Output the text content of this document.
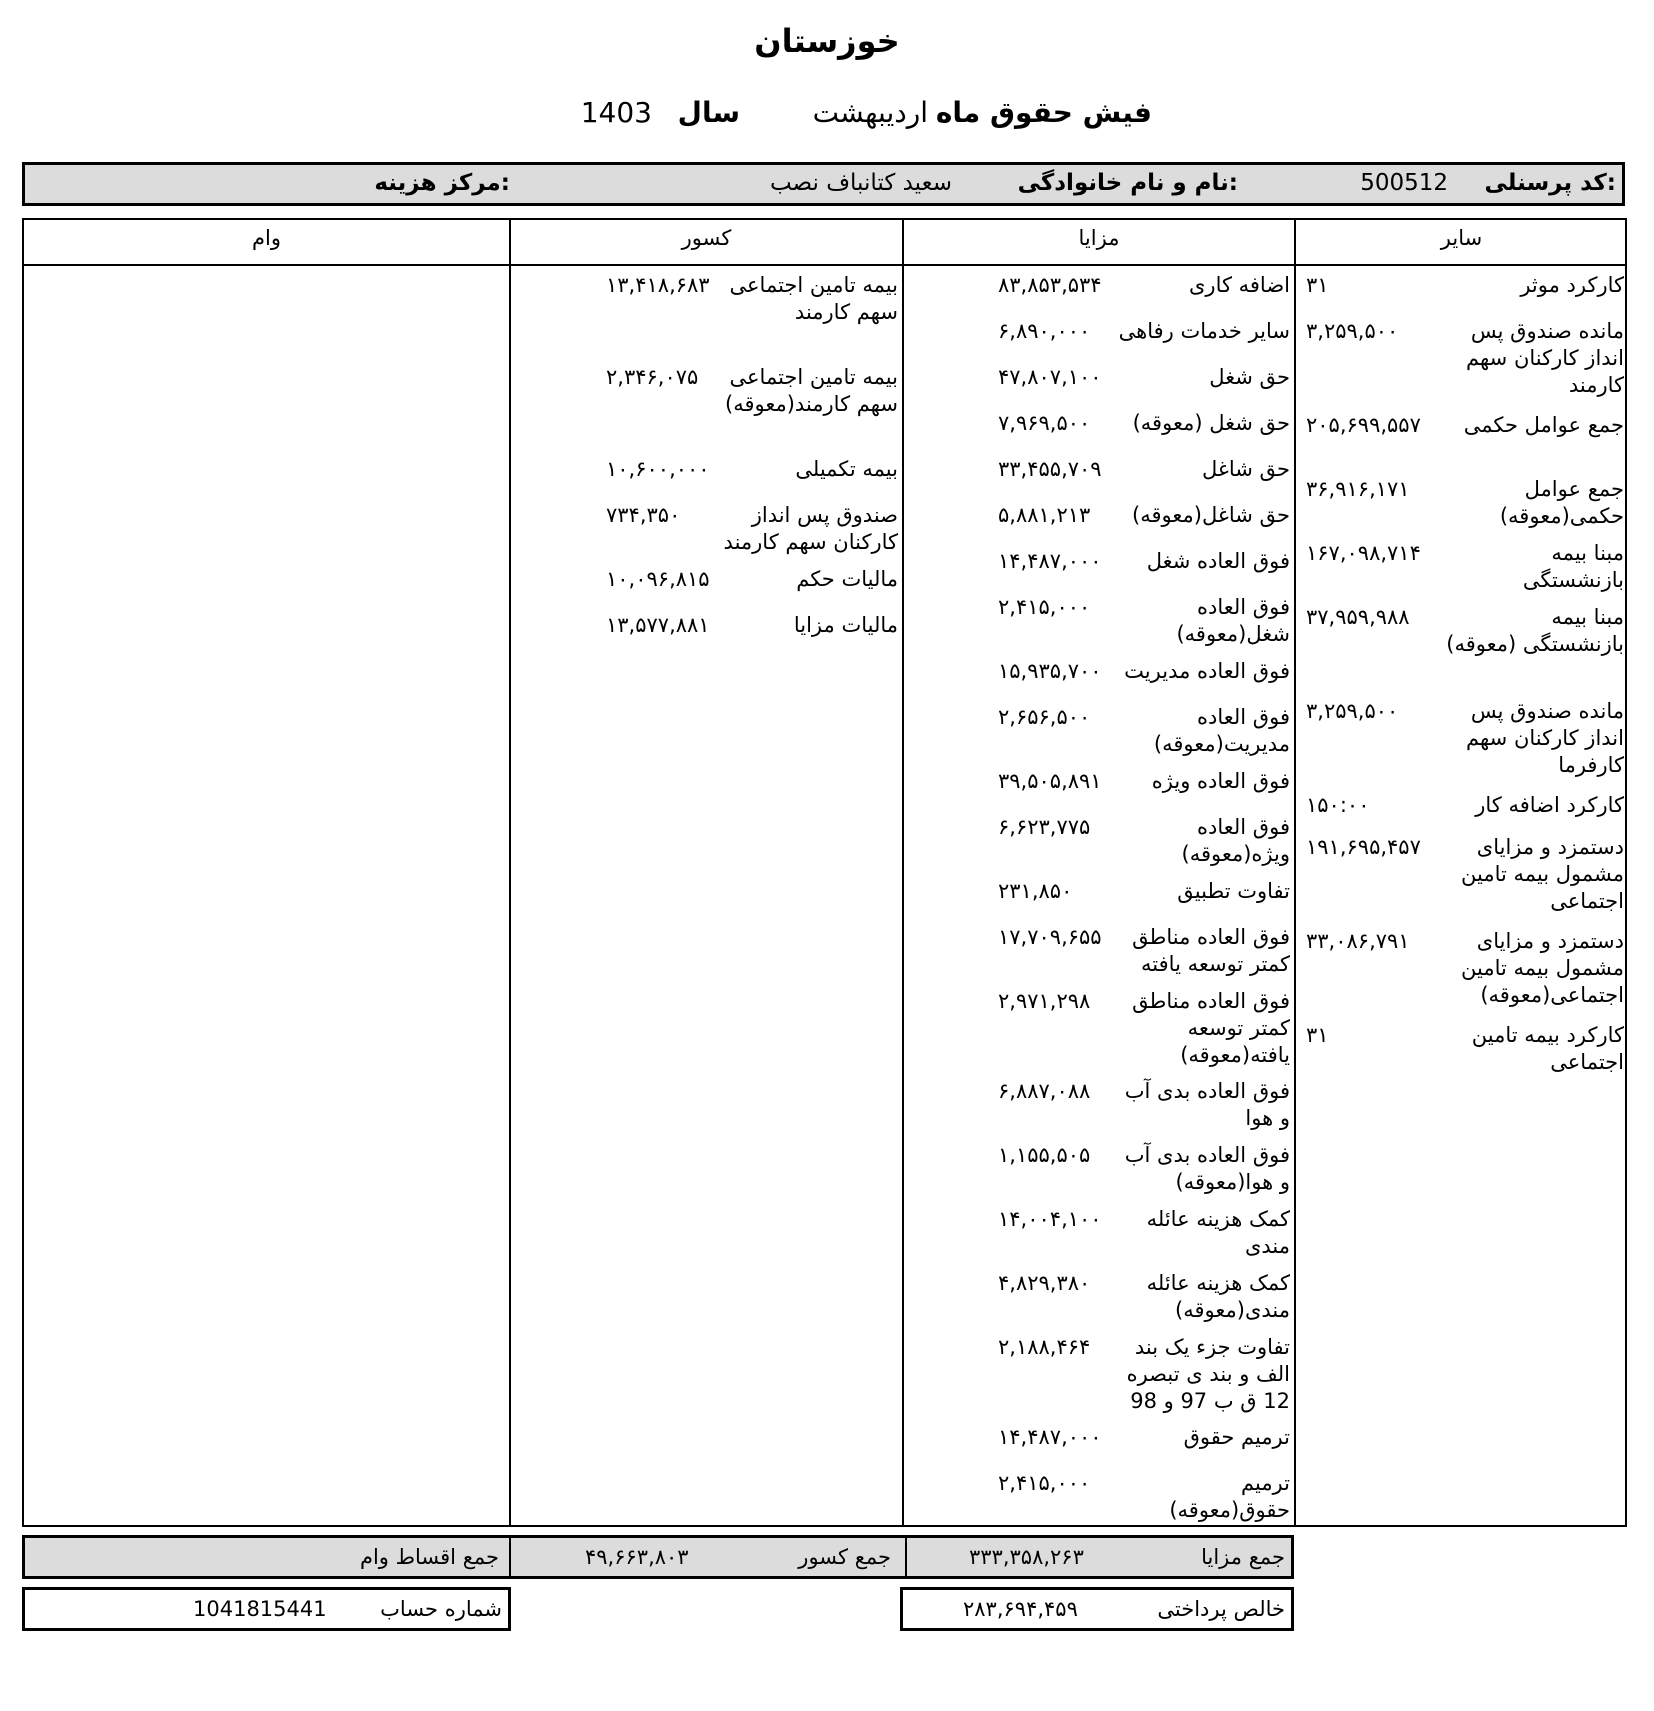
خوزستان
فیش حقوق ماه
اردیبهشت
سال
1403
کد پرسنلی:
500512
نام و نام خانوادگی:
سعید کتانباف نصب
مرکز هزینه:
سایر
مزایا
کسور
وام
کارکرد موثر
۳۱
مانده صندوق پس انداز کارکنان سهم کارمند
۳,۲۵۹,۵۰۰
جمع عوامل حکمی
۲۰۵,۶۹۹,۵۵۷
جمع عوامل حکمی(معوقه)
۳۶,۹۱۶,۱۷۱
مبنا بیمه بازنشستگی
۱۶۷,۰۹۸,۷۱۴
مبنا بیمه بازنشستگی (معوقه)
۳۷,۹۵۹,۹۸۸
مانده صندوق پس انداز کارکنان سهم کارفرما
۳,۲۵۹,۵۰۰
کارکرد اضافه کار
۱۵۰:۰۰
دستمزد و مزایای مشمول بیمه تامین اجتماعی
۱۹۱,۶۹۵,۴۵۷
دستمزد و مزایای مشمول بیمه تامین اجتماعی(معوقه)
۳۳,۰۸۶,۷۹۱
کارکرد بیمه تامین اجتماعی
۳۱
اضافه کاری
۸۳,۸۵۳,۵۳۴
سایر خدمات رفاهی
۶,۸۹۰,۰۰۰
حق شغل
۴۷,۸۰۷,۱۰۰
حق شغل (معوقه)
۷,۹۶۹,۵۰۰
حق شاغل
۳۳,۴۵۵,۷۰۹
حق شاغل(معوقه)
۵,۸۸۱,۲۱۳
فوق العاده شغل
۱۴,۴۸۷,۰۰۰
فوق العاده شغل(معوقه)
۲,۴۱۵,۰۰۰
فوق العاده مدیریت
۱۵,۹۳۵,۷۰۰
فوق العاده مدیریت(معوقه)
۲,۶۵۶,۵۰۰
فوق العاده ویژه
۳۹,۵۰۵,۸۹۱
فوق العاده ویژه(معوقه)
۶,۶۲۳,۷۷۵
تفاوت تطبیق
۲۳۱,۸۵۰
فوق العاده مناطق کمتر توسعه یافته
۱۷,۷۰۹,۶۵۵
فوق العاده مناطق کمتر توسعه یافته(معوقه)
۲,۹۷۱,۲۹۸
فوق العاده بدی آب و هوا
۶,۸۸۷,۰۸۸
فوق العاده بدی آب و هوا(معوقه)
۱,۱۵۵,۵۰۵
کمک هزینه عائله مندی
۱۴,۰۰۴,۱۰۰
کمک هزینه عائله مندی(معوقه)
۴,۸۲۹,۳۸۰
تفاوت جزء یک بند الف و بند ی تبصره 12 ق ب 97 و 98
۲,۱۸۸,۴۶۴
ترمیم حقوق
۱۴,۴۸۷,۰۰۰
ترمیم حقوق(معوقه)
۲,۴۱۵,۰۰۰
بیمه تامین اجتماعی سهم کارمند
۱۳,۴۱۸,۶۸۳
بیمه تامین اجتماعی سهم کارمند(معوقه)
۲,۳۴۶,۰۷۵
بیمه تکمیلی
۱۰,۶۰۰,۰۰۰
صندوق پس انداز کارکنان سهم کارمند
۷۳۴,۳۵۰
مالیات حکم
۱۰,۰۹۶,۸۱۵
مالیات مزایا
۱۳,۵۷۷,۸۸۱
جمع مزایا
۳۳۳,۳۵۸,۲۶۳
جمع کسور
۴۹,۶۶۳,۸۰۳
جمع اقساط وام
خالص پرداختی
۲۸۳,۶۹۴,۴۵۹
شماره حساب
1041815441
